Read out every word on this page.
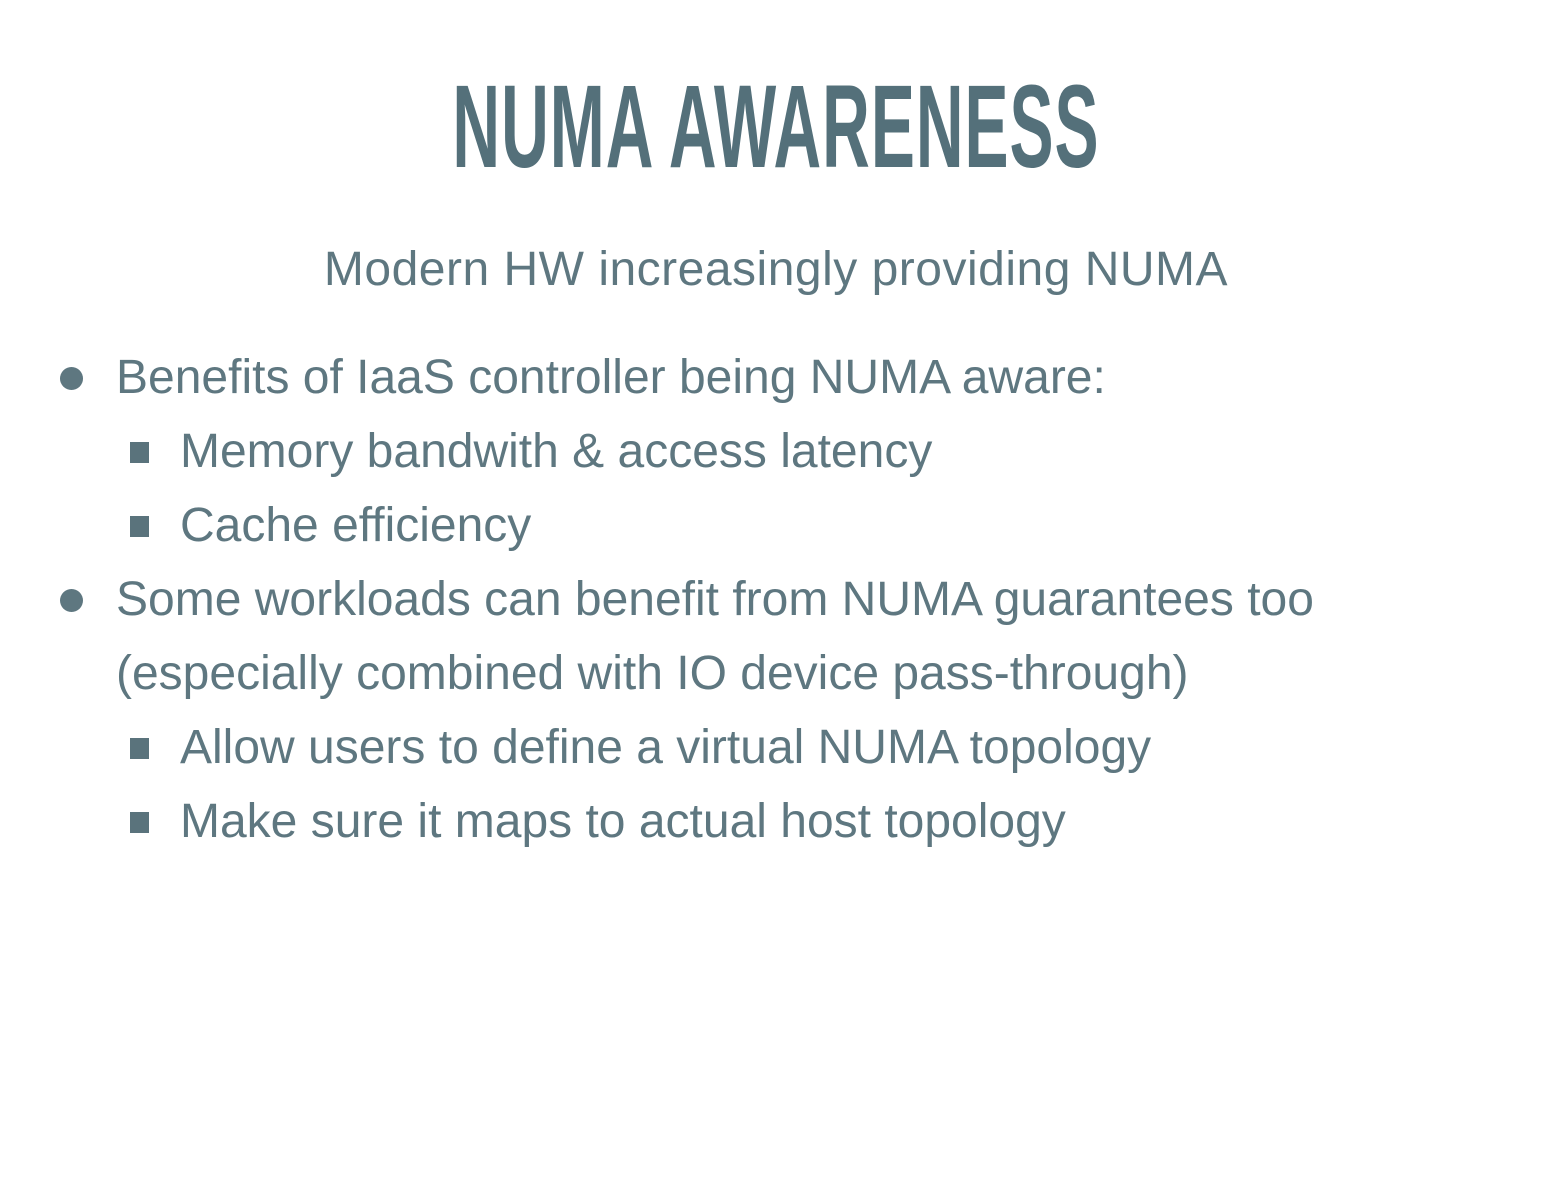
NUMA AWARENESS
Modern HW increasingly providing NUMA
Benefits of IaaS controller being NUMA aware:
Memory bandwith & access latency
Cache efficiency
Some workloads can benefit from NUMA guarantees too (especially combined with IO device pass-through)
Allow users to define a virtual NUMA topology
Make sure it maps to actual host topology
